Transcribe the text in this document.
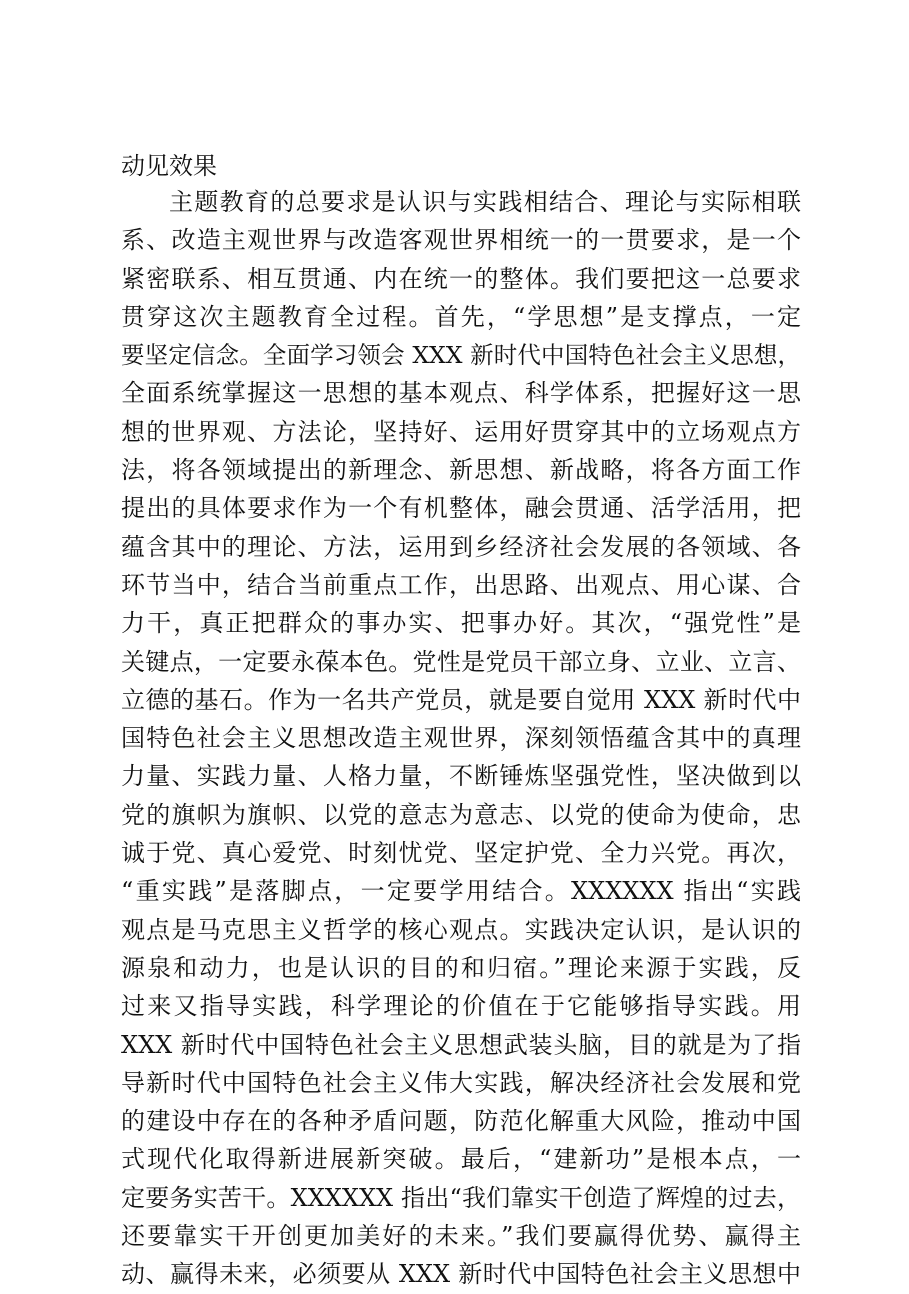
动见效果
主题教育的总要求是认识与实践相结合、理论与实际相联
系、改造主观世界与改造客观世界相统一的一贯要求，是一个
紧密联系、相互贯通、内在统一的整体。我们要把这一总要求
贯穿这次主题教育全过程。首先，“学思想”是支撑点，一定
要坚定信念。全面学习领会 XXX 新时代中国特色社会主义思想，
全面系统掌握这一思想的基本观点、科学体系，把握好这一思
想的世界观、方法论，坚持好、运用好贯穿其中的立场观点方
法，将各领域提出的新理念、新思想、新战略，将各方面工作
提出的具体要求作为一个有机整体，融会贯通、活学活用，把
蕴含其中的理论、方法，运用到乡经济社会发展的各领域、各
环节当中，结合当前重点工作，出思路、出观点、用心谋、合
力干，真正把群众的事办实、把事办好。其次，“强党性”是
关键点，一定要永葆本色。党性是党员干部立身、立业、立言、
立德的基石。作为一名共产党员，就是要自觉用 XXX 新时代中
国特色社会主义思想改造主观世界，深刻领悟蕴含其中的真理
力量、实践力量、人格力量，不断锤炼坚强党性，坚决做到以
党的旗帜为旗帜、以党的意志为意志、以党的使命为使命，忠
诚于党、真心爱党、时刻忧党、坚定护党、全力兴党。再次，
“重实践”是落脚点，一定要学用结合。XXXXXX 指出“实践
观点是马克思主义哲学的核心观点。实践决定认识，是认识的
源泉和动力，也是认识的目的和归宿。”理论来源于实践，反
过来又指导实践，科学理论的价值在于它能够指导实践。用
XXX 新时代中国特色社会主义思想武装头脑，目的就是为了指
导新时代中国特色社会主义伟大实践，解决经济社会发展和党
的建设中存在的各种矛盾问题，防范化解重大风险，推动中国
式现代化取得新进展新突破。最后，“建新功”是根本点，一
定要务实苦干。XXXXXX 指出“我们靠实干创造了辉煌的过去，
还要靠实干开创更加美好的未来。”我们要赢得优势、赢得主
动、赢得未来，必须要从 XXX 新时代中国特色社会主义思想中
